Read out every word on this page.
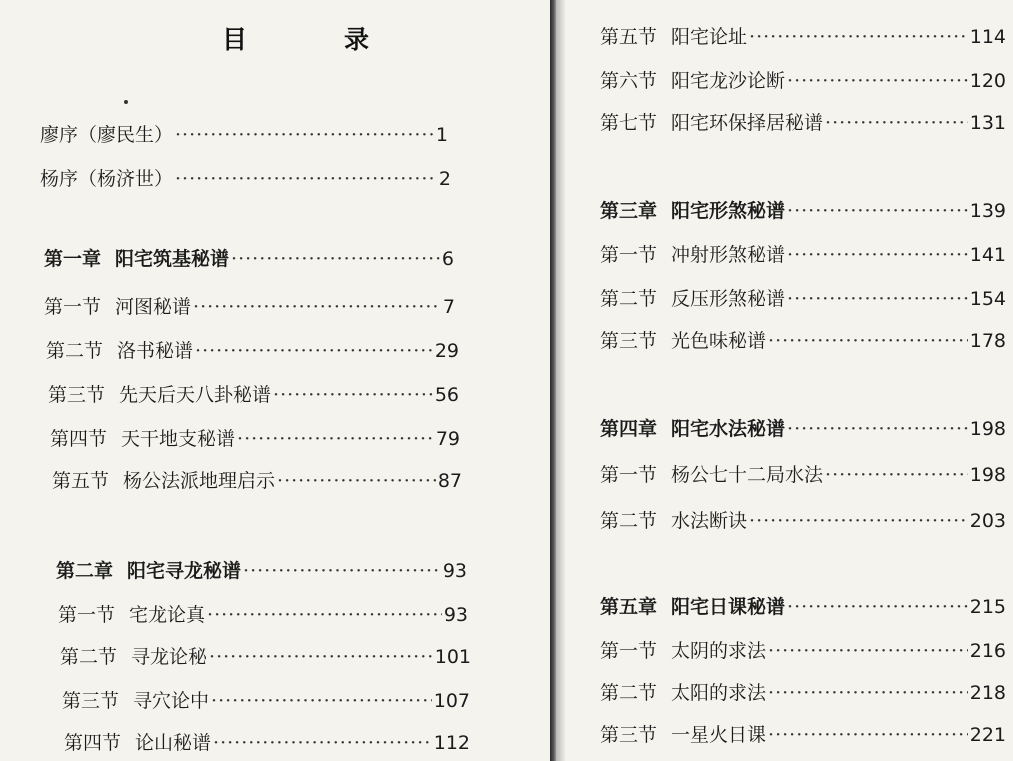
目　录
廖序（廖民生） ·····	1
杨序（杨济世） ·····	2
第一章 阳宅筑基秘谱 ·····	6
第一节 河图秘谱 ·····	7
第二节 洛书秘谱 ·····	29
第三节 先天后天八卦秘谱 ·····	56
第四节 天干地支秘谱 ·····	79
第五节 杨公法派地理启示 ·····	87
第二章 阳宅寻龙秘谱 ·····	93
第一节 宅龙论真 ·····	93
第二节 寻龙论秘 ·····	101
第三节 寻穴论中 ·····	107
第四节 论山秘谱 ·····	112
第五节 阳宅论址 ·····	114
第六节 阳宅龙沙论断 ·····	120
第七节 阳宅环保择居秘谱 ·····	131
第三章 阳宅形煞秘谱 ·····	139
第一节 冲射形煞秘谱 ·····	141
第二节 反压形煞秘谱 ·····	154
第三节 光色味秘谱 ·····	178
第四章 阳宅水法秘谱 ·····	198
第一节 杨公七十二局水法 ·····	198
第二节 水法断诀 ·····	203
第五章 阳宅日课秘谱 ·····	215
第一节 太阴的求法 ·····	216
第二节 太阳的求法 ·····	218
第三节 一星火日课 ·····	221
